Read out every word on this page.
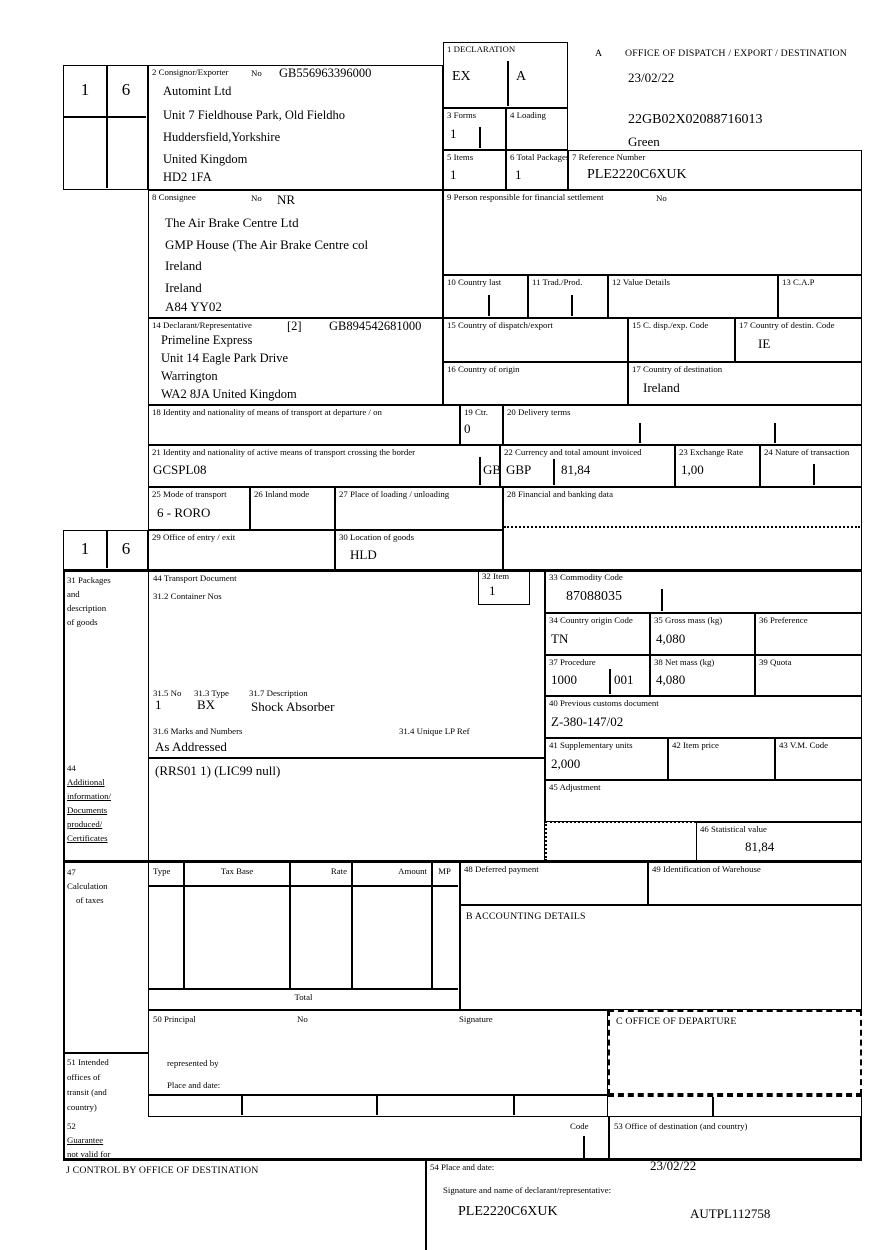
1	6
2 Consignor/Exporter	No GB556963396000
Automint Ltd
Unit 7 Fieldhouse Park, Old Fieldho
Huddersfield,Yorkshire
United Kingdom
HD2 1FA
1 DECLARATION
EX	A
A OFFICE OF DISPATCH / EXPORT / DESTINATION
23/02/22
22GB02X02088716013
Green
3 Forms
1
4 Loading
5 Items
1
6 Total Packages
1
7 Reference Number
PLE2220C6XUK
8 Consignee	No NR
The Air Brake Centre Ltd
GMP House (The Air Brake Centre col
Ireland
Ireland
A84 YY02
9 Person responsible for financial settlement	No
10 Country last	11 Trad./Prod.	12 Value Details	13 C.A.P
14 Declarant/Representative	[2] GB894542681000
Primeline Express
Unit 14 Eagle Park Drive
Warrington
WA2 8JA United Kingdom
15 Country of dispatch/export	15 C. disp./exp. Code	17 Country of destin. Code
IE
16 Country of origin	17 Country of destination
Ireland
18 Identity and nationality of means of transport at departure / on	19 Ctr.
0
20 Delivery terms
21 Identity and nationality of active means of transport crossing the border
GCSPL08	GB
22 Currency and total amount invoiced
GBP 81,84
23 Exchange Rate
1,00
24 Nature of transaction
25 Mode of transport
6 - RORO
26 Inland mode	27 Place of loading / unloading	28 Financial and banking data
1	6
29 Office of entry / exit	30 Location of goods
HLD
31 Packages
and
description
of goods
44
Additional
information/
Documents
produced/
Certificates
44 Transport Document
31.2 Container Nos
31.5 No
1
31.3 Type
BX
31.7 Description
Shock Absorber
31.6 Marks and Numbers	31.4 Unique LP Ref
As Addressed
32 Item
1
33 Commodity Code
87088035
34 Country origin Code
TN
35 Gross mass (kg)
4,080
36 Preference
37 Procedure
1000	001
38 Net mass (kg)
4,080
39 Quota
40 Previous customs document
Z-380-147/02
41 Supplementary units
2,000
42 Item price	43 V.M. Code
45 Adjustment
46 Statistical value
81,84
(RRS01 1) (LIC99 null)
47
Calculation
of taxes
Type	Tax Base	Rate	Amount	MP
Total
48 Deferred payment	49 Identification of Warehouse
B ACCOUNTING DETAILS
50 Principal	No	Signature
represented by
Place and date:
C OFFICE OF DEPARTURE
51 Intended
offices of
transit (and
country)
52
Guarantee
not valid for
Code	53 Office of destination (and country)
J CONTROL BY OFFICE OF DESTINATION	54 Place and date:	23/02/22
Signature and name of declarant/representative:
PLE2220C6XUK	AUTPL112758
